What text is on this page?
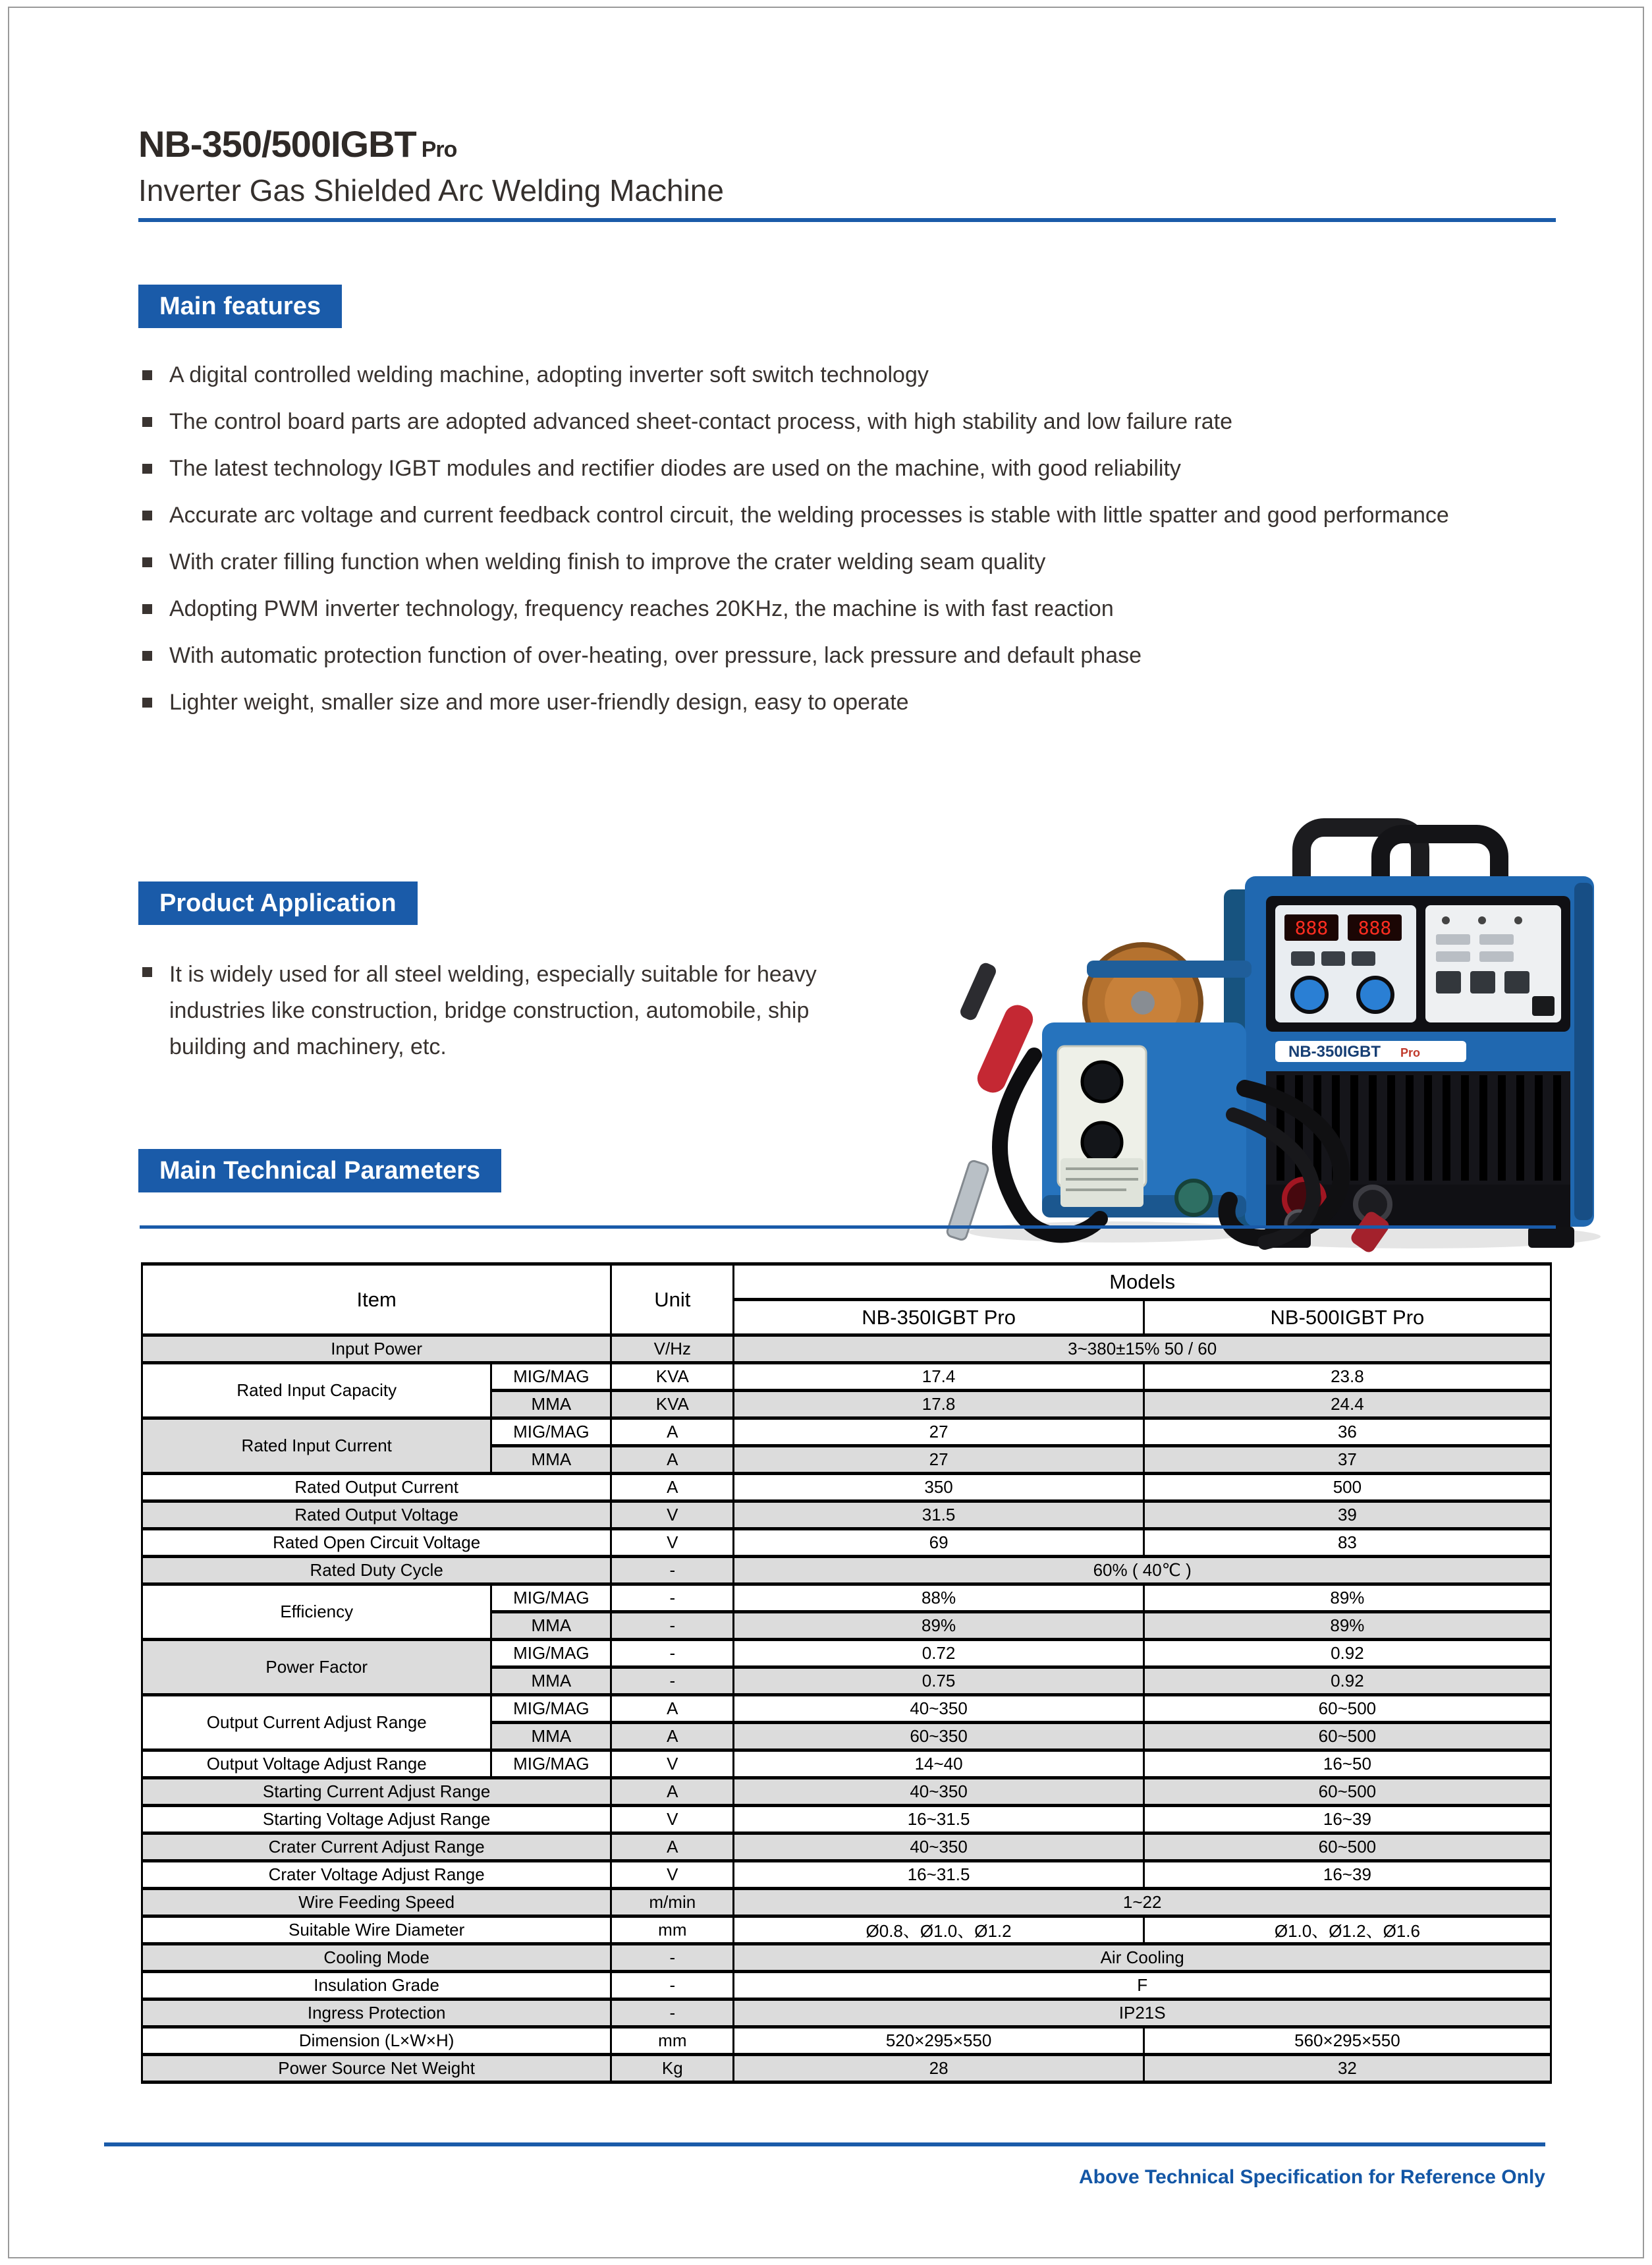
NB-350/500IGBT Pro
Inverter Gas Shielded Arc Welding Machine
Main features
A digital controlled welding machine, adopting inverter soft switch technology
The control board parts are adopted advanced sheet-contact process, with high stability and low failure rate
The latest technology IGBT modules and rectifier diodes are used on the machine, with good reliability
Accurate arc voltage and current feedback control circuit, the welding processes is stable with little spatter and good performance
With crater filling function when welding finish to improve the crater welding seam quality
Adopting PWM inverter technology, frequency reaches 20KHz, the machine is with fast reaction
With automatic protection function of over-heating, over pressure, lack pressure and default phase
Lighter weight, smaller size and more user-friendly design, easy to operate
Product Application
It is widely used for all steel welding, especially suitable for heavy industries like construction, bridge construction, automobile, ship building and machinery, etc.
888 888
NB-350IGBT Pro
Main Technical Parameters
Item		Unit	Models	
			NB-350IGBT Pro	NB-500IGBT Pro
Input Power		V/Hz	3~380±15% 50 / 60	
Rated Input Capacity	MIG/MAG	KVA	17.4	23.8
	MMA	KVA	17.8	24.4
Rated Input Current	MIG/MAG	A	27	36
	MMA	A	27	37
Rated Output Current		A	350	500
Rated Output Voltage		V	31.5	39
Rated Open Circuit Voltage		V	69	83
Rated Duty Cycle		-	60% ( 40℃ )	
Efficiency	MIG/MAG	-	88%	89%
	MMA	-	89%	89%
Power Factor	MIG/MAG	-	0.72	0.92
	MMA	-	0.75	0.92
Output Current Adjust Range	MIG/MAG	A	40~350	60~500
	MMA	A	60~350	60~500
Output Voltage Adjust Range	MIG/MAG	V	14~40	16~50
Starting Current Adjust Range		A	40~350	60~500
Starting Voltage Adjust Range		V	16~31.5	16~39
Crater Current Adjust Range		A	40~350	60~500
Crater Voltage Adjust Range		V	16~31.5	16~39
Wire Feeding Speed		m/min	1~22	
Suitable Wire Diameter		mm	Ø0.8、Ø1.0、Ø1.2	Ø1.0、Ø1.2、Ø1.6
Cooling Mode		-	Air Cooling	
Insulation Grade		-	F	
Ingress Protection		-	IP21S	
Dimension (L×W×H)		mm	520×295×550	560×295×550
Power Source Net Weight		Kg	28	32
Above Technical Specification for Reference Only
